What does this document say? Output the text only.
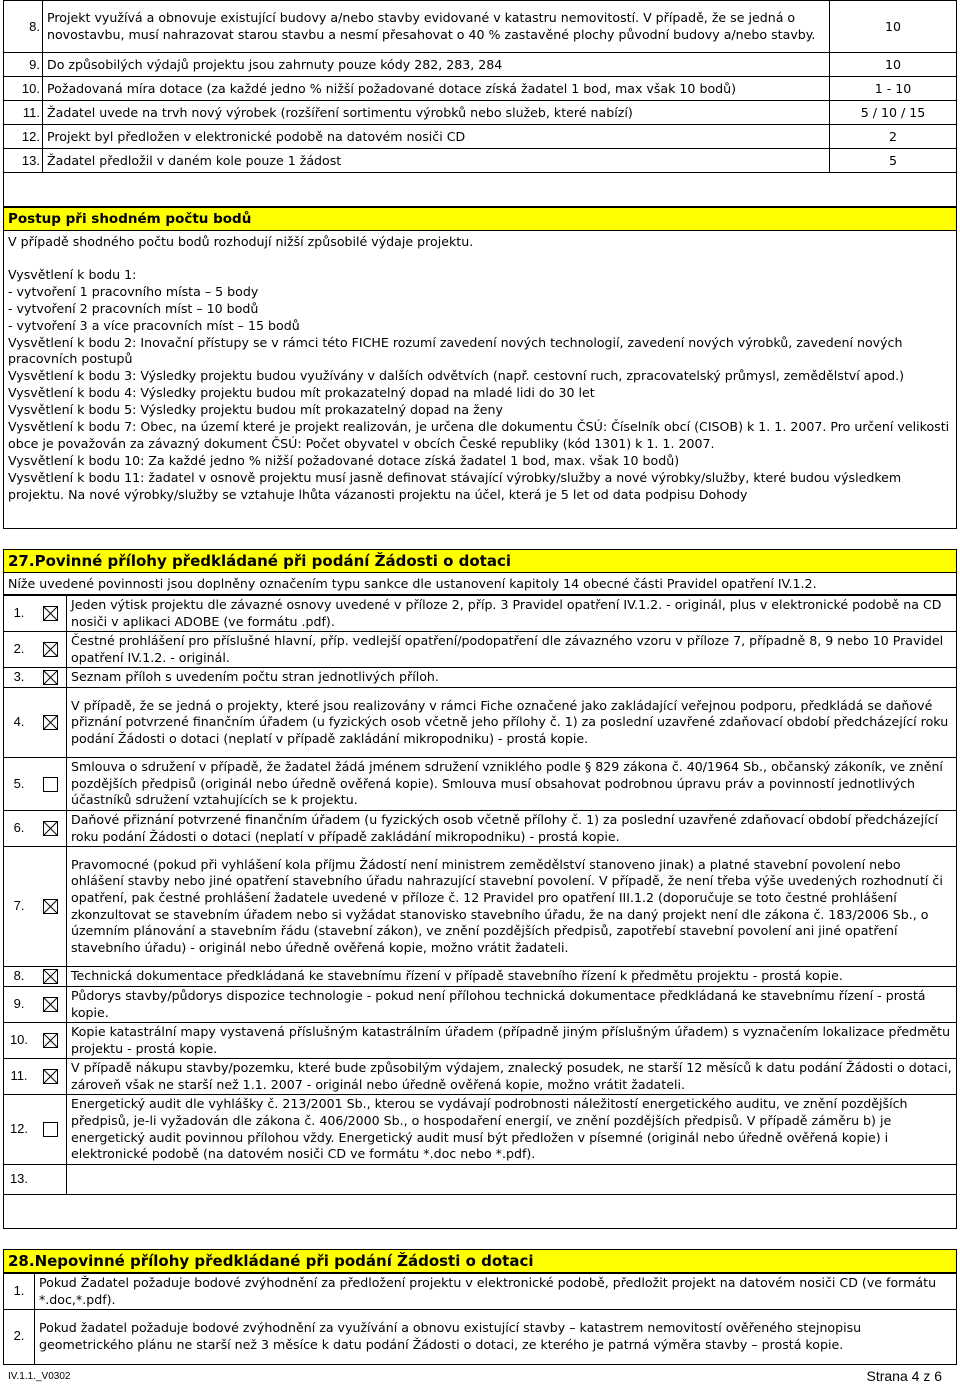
8.	Projekt využívá a obnovuje existující budovy a/nebo stavby evidované v katastru nemovitostí. V případě, že se jedná o novostavbu, musí nahrazovat starou stavbu a nesmí přesahovat o 40 % zastavěné plochy původní budovy a/nebo stavby.	10
9.	Do způsobilých výdajů projektu jsou zahrnuty pouze kódy 282, 283, 284	10
10.	Požadovaná míra dotace (za každé jedno % nižší požadované dotace získá žadatel 1 bod, max však 10 bodů)	1 - 10
11.	Žadatel uvede na trvh nový výrobek (rozšíření sortimentu výrobků nebo služeb, které nabízí)	5 / 10 / 15
12.	Projekt byl předložen v elektronické podobě na datovém nosiči CD	2
13.	Žadatel předložil v daném kole pouze 1 žádost	5

Postup při shodném počtu bodů
V případě shodného počtu bodů rozhodují nižší způsobilé výdaje projektu.
Vysvětlení k bodu 1:
- vytvoření 1 pracovního místa – 5 body
- vytvoření 2 pracovních míst – 10 bodů
- vytvoření 3 a více pracovních míst – 15 bodů
Vysvětlení k bodu 2: Inovační přístupy se v rámci této FICHE rozumí zavedení nových technologií, zavedení nových výrobků, zavedení nových pracovních postupů
Vysvětlení k bodu 3: Výsledky projektu budou využívány v dalších odvětvích (např. cestovní ruch, zpracovatelský průmysl, zemědělství apod.)
Vysvětlení k bodu 4: Výsledky projektu budou mít prokazatelný dopad na mladé lidi do 30 let
Vysvětlení k bodu 5: Výsledky projektu budou mít prokazatelný dopad na ženy
Vysvětlení k bodu 7: Obec, na území které je projekt realizován, je určena dle dokumentu ČSÚ: Číselník obcí (CISOB) k 1. 1. 2007. Pro určení velikosti obce je považován za závazný dokument ČSÚ: Počet obyvatel v obcích České republiky (kód 1301) k 1. 1. 2007.
Vysvětlení k bodu 10: Za každé jedno % nižší požadované dotace získá žadatel 1 bod, max. však 10 bodů)
Vysvětlení k bodu 11: žadatel v osnově projektu musí jasně definovat stávající výrobky/služby a nové výrobky/služby, které budou výsledkem projektu. Na nové výrobky/služby se vztahuje lhůta vázanosti projektu na účel, která je 5 let od data podpisu Dohody
27.Povinné přílohy předkládané při podání Žádosti o dotaci
Níže uvedené povinnosti jsou doplněny označením typu sankce dle ustanovení kapitoly 14 obecné části Pravidel opatření IV.1.2.
1.		Jeden výtisk projektu dle závazné osnovy uvedené v příloze 2, příp. 3 Pravidel opatření IV.1.2. - originál, plus v elektronické podobě na CD nosiči v aplikaci ADOBE (ve formátu .pdf).
2.		Čestné prohlášení pro příslušné hlavní, příp. vedlejší opatření/podopatření dle závazného vzoru v příloze 7, případně 8, 9 nebo 10 Pravidel opatření IV.1.2. - originál.
3.		Seznam příloh s uvedením počtu stran jednotlivých příloh.
4.		V případě, že se jedná o projekty, které jsou realizovány v rámci Fiche označené jako zakládající veřejnou podporu, předkládá se daňové přiznání potvrzené finančním úřadem (u fyzických osob včetně jeho přílohy č. 1) za poslední uzavřené zdaňovací období předcházející roku podání Žádosti o dotaci (neplatí v případě zakládání mikropodniku) - prostá kopie.
5.		Smlouva o sdružení v případě, že žadatel žádá jménem sdružení vzniklého podle § 829 zákona č. 40/1964 Sb., občanský zákoník, ve znění pozdějších předpisů (originál nebo úředně ověřená kopie). Smlouva musí obsahovat podrobnou úpravu práv a povinností jednotlivých účastníků sdružení vztahujících se k projektu.
6.		Daňové přiznání potvrzené finančním úřadem (u fyzických osob včetně přílohy č. 1) za poslední uzavřené zdaňovací období předcházející roku podání Žádosti o dotaci (neplatí v případě zakládání mikropodniku) - prostá kopie.
7.		Pravomocné (pokud při vyhlášení kola příjmu Žádostí není ministrem zemědělství stanoveno jinak) a platné stavební povolení nebo ohlášení stavby nebo jiné opatření stavebního úřadu nahrazující stavební povolení. V případě, že není třeba výše uvedených rozhodnutí či opatření, pak čestné prohlášení žadatele uvedené v příloze č. 12 Pravidel pro opatření III.1.2 (doporučuje se toto čestné prohlášení zkonzultovat se stavebním úřadem nebo si vyžádat stanovisko stavebního úřadu, že na daný projekt není dle zákona č. 183/2006 Sb., o územním plánování a stavebním řádu (stavební zákon), ve znění pozdějších předpisů, zapotřebí stavební povolení ani jiné opatření stavebního úřadu) - originál nebo úředně ověřená kopie, možno vrátit žadateli.
8.		Technická dokumentace předkládaná ke stavebnímu řízení v případě stavebního řízení k předmětu projektu - prostá kopie.
9.		Půdorys stavby/půdorys dispozice technologie - pokud není přílohou technická dokumentace předkládaná ke stavebnímu řízení - prostá kopie.
10.		Kopie katastrální mapy vystavená příslušným katastrálním úřadem (případně jiným příslušným úřadem) s vyznačením lokalizace předmětu projektu - prostá kopie.
11.		V případě nákupu stavby/pozemku, které bude způsobilým výdajem, znalecký posudek, ne starší 12 měsíců k datu podání Žádosti o dotaci, zároveň však ne starší než 1.1. 2007 - originál nebo úředně ověřená kopie, možno vrátit žadateli.
12.		Energetický audit dle vyhlášky č. 213/2001 Sb., kterou se vydávají podrobnosti náležitostí energetického auditu, ve znění pozdějších předpisů, je-li vyžadován dle zákona č. 406/2000 Sb., o hospodaření energií, ve znění pozdějších předpisů. V případě záměru b) je energetický audit povinnou přílohou vždy. Energetický audit musí být předložen v písemné (originál nebo úředně ověřená kopie) i elektronické podobě (na datovém nosiči CD ve formátu *.doc nebo *.pdf).
13.		

28.Nepovinné přílohy předkládané při podání Žádosti o dotaci
1.	Pokud Žadatel požaduje bodové zvýhodnění za předložení projektu v elektronické podobě, předložit projekt na datovém nosiči CD (ve formátu *.doc,*.pdf).
2.	Pokud žadatel požaduje bodové zvýhodnění za využívání a obnovu existující stavby – katastrem nemovitostí ověřeného stejnopisu geometrického plánu ne starší než 3 měsíce k datu podání Žádosti o dotaci, ze kterého je patrná výměra stavby – prostá kopie.
IV.1.1._V0302	Strana 4 z 6
